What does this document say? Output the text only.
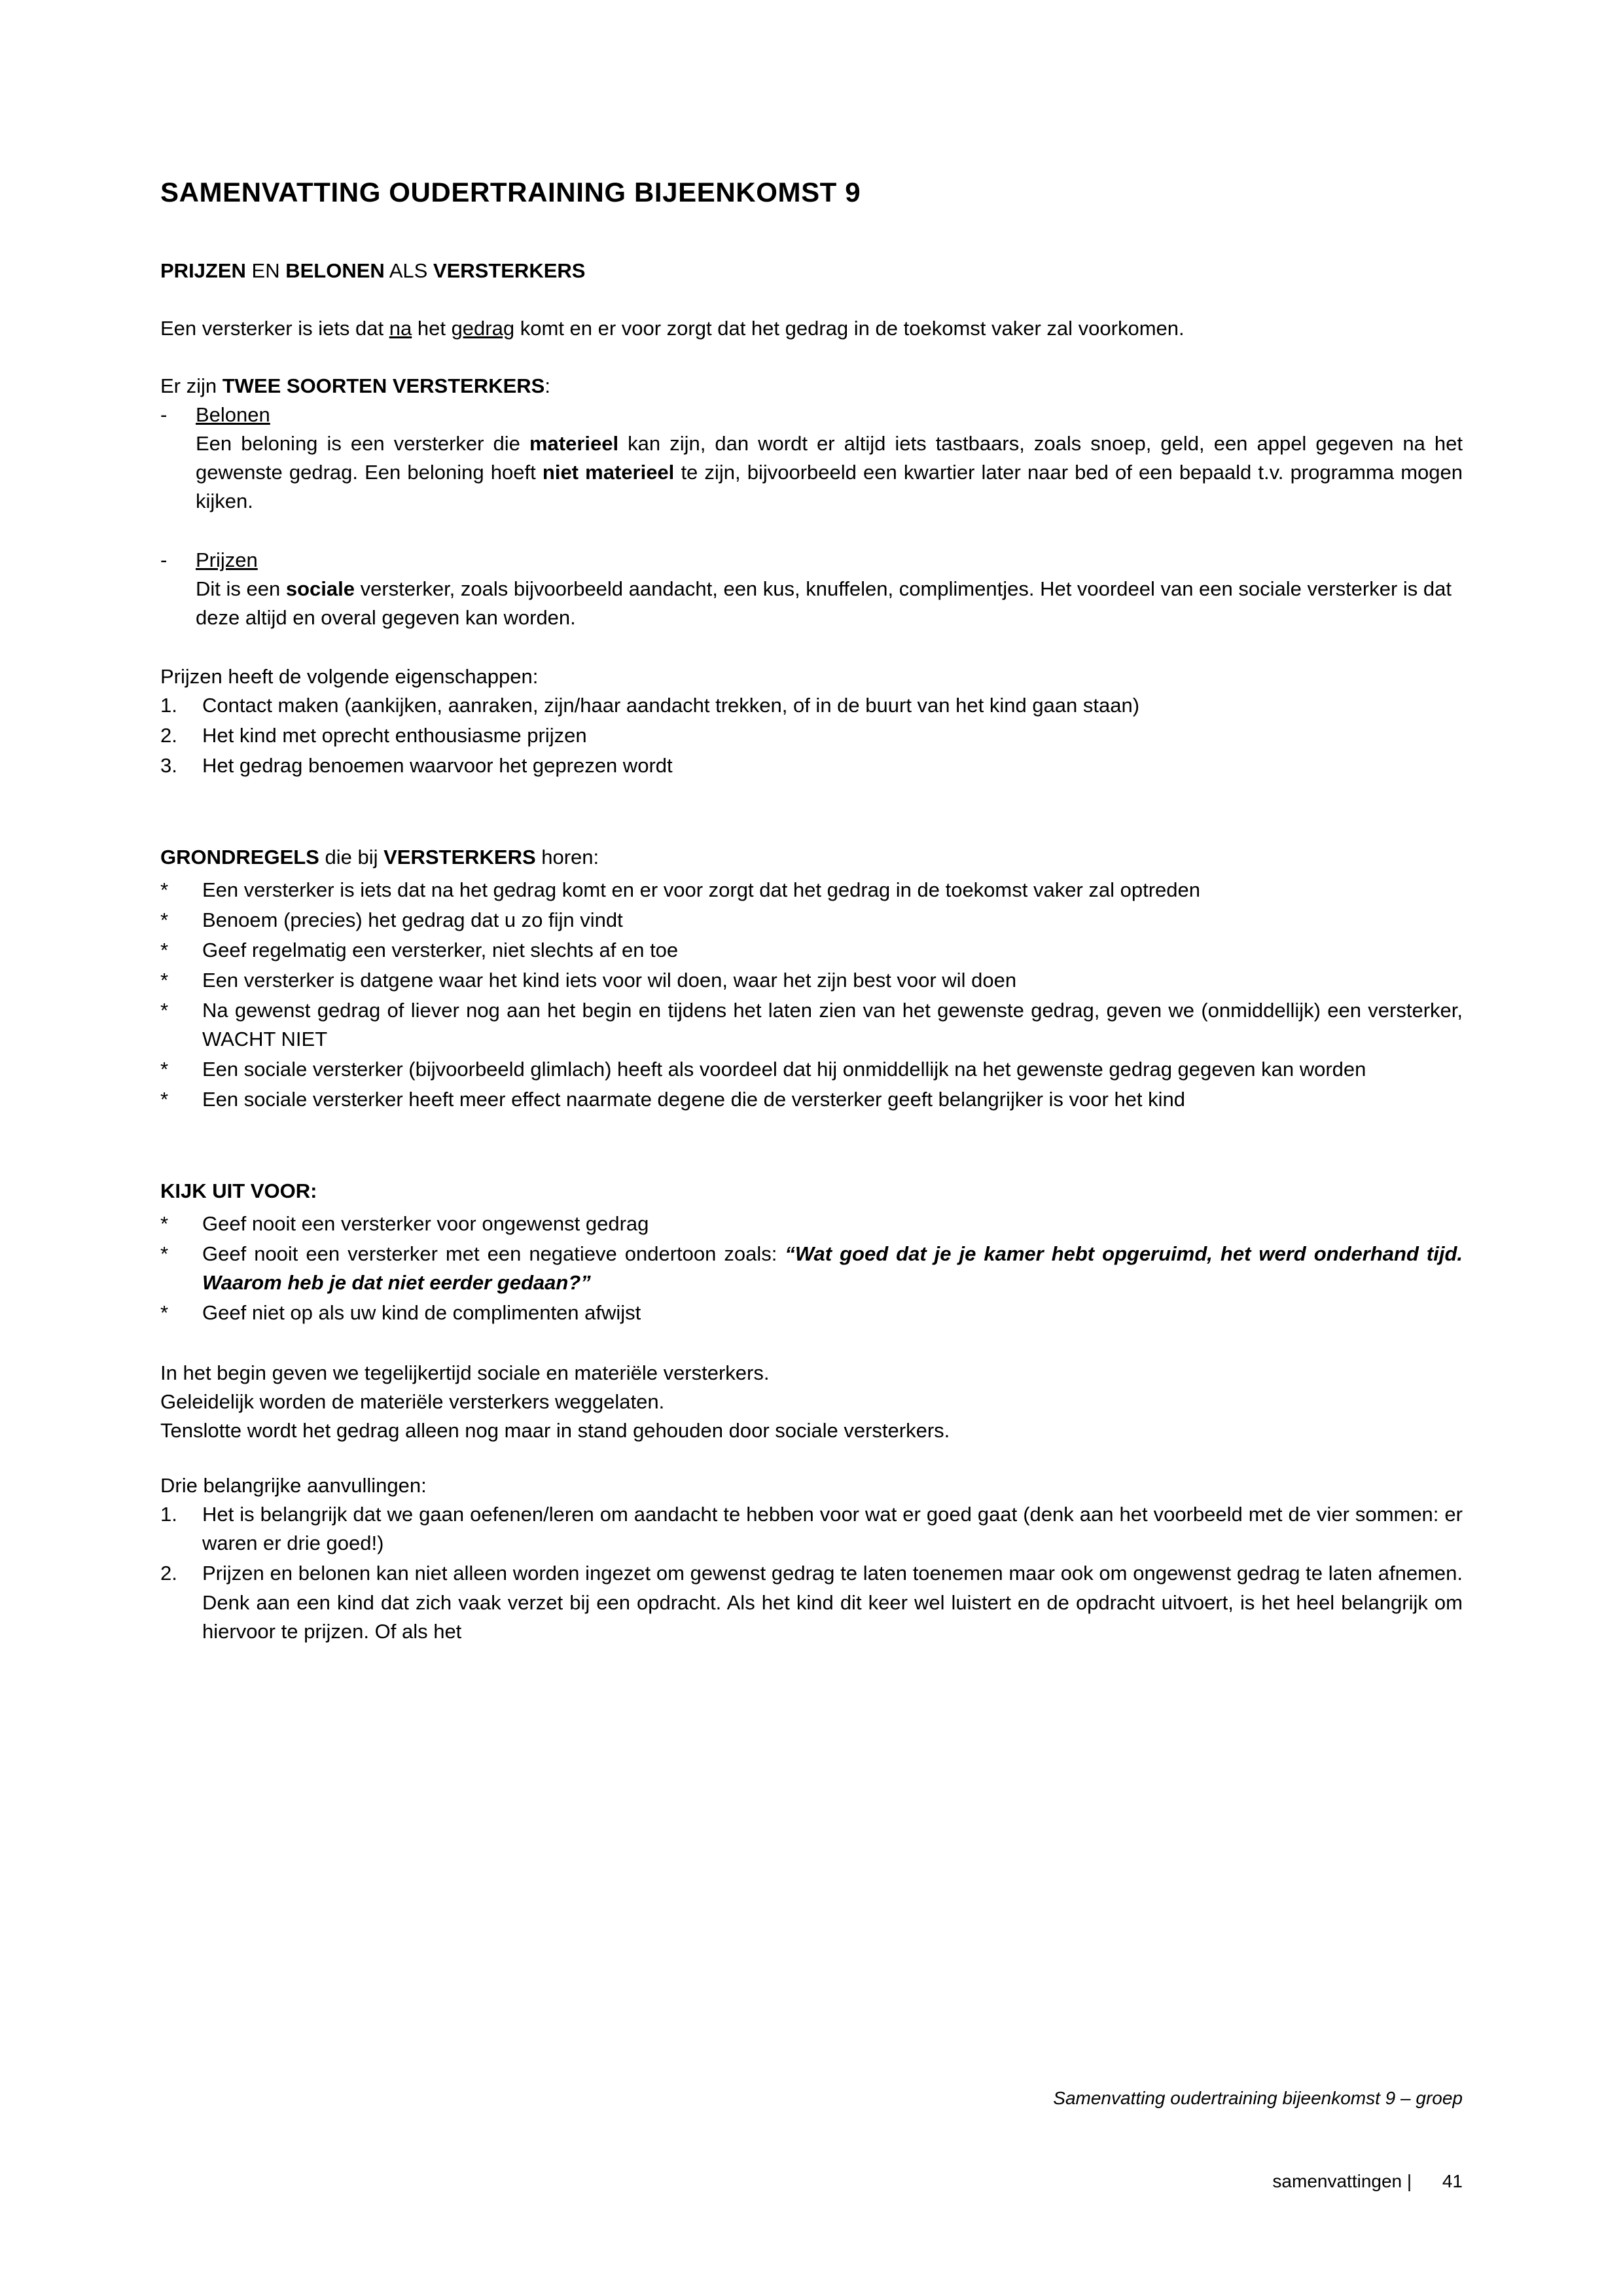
SAMENVATTING OUDERTRAINING BIJEENKOMST 9
PRIJZEN EN BELONEN ALS VERSTERKERS

Een versterker is iets dat na het gedrag komt en er voor zorgt dat het gedrag in de toekomst vaker zal voorkomen.

Er zijn TWEE SOORTEN VERSTERKERS:

-	Belonen
Een beloning is een versterker die materieel kan zijn, dan wordt er altijd iets tastbaars, zoals snoep, geld, een appel gegeven na het gewenste gedrag. Een beloning hoeft niet materieel te zijn, bijvoorbeeld een kwartier later naar bed of een bepaald t.v. programma mogen kijken.
-	Prijzen
Dit is een sociale versterker, zoals bijvoorbeeld aandacht, een kus, knuffelen, complimentjes. Het voordeel van een sociale versterker is dat deze altijd en overal gegeven kan worden.

Prijzen heeft de volgende eigenschappen:

1.	Contact maken (aankijken, aanraken, zijn/haar aandacht trekken, of in de buurt van het kind gaan staan)
2.	Het kind met oprecht enthousiasme prijzen
3.	Het gedrag benoemen waarvoor het geprezen wordt
GRONDREGELS die bij VERSTERKERS horen:
*	Een versterker is iets dat na het gedrag komt en er voor zorgt dat het gedrag in de toekomst vaker zal optreden
*	Benoem (precies) het gedrag dat u zo fijn vindt
*	Geef regelmatig een versterker, niet slechts af en toe
*	Een versterker is datgene waar het kind iets voor wil doen, waar het zijn best voor wil doen
*	Na gewenst gedrag of liever nog aan het begin en tijdens het laten zien van het gewenste gedrag, geven we (onmiddellijk) een versterker, WACHT NIET
*	Een sociale versterker (bijvoorbeeld glimlach) heeft als voordeel dat hij onmiddellijk na het gewenste gedrag gegeven kan worden
*	Een sociale versterker heeft meer effect naarmate degene die de versterker geeft belangrijker is voor het kind
KIJK UIT VOOR:
*	Geef nooit een versterker voor ongewenst gedrag
*	Geef nooit een versterker met een negatieve ondertoon zoals: “Wat goed dat je je kamer hebt opgeruimd, het werd onderhand tijd. Waarom heb je dat niet eerder gedaan?”
*	Geef niet op als uw kind de complimenten afwijst

In het begin geven we tegelijkertijd sociale en materiële versterkers.
Geleidelijk worden de materiële versterkers weggelaten.
Tenslotte wordt het gedrag alleen nog maar in stand gehouden door sociale versterkers.

Drie belangrijke aanvullingen:

1.	Het is belangrijk dat we gaan oefenen/leren om aandacht te hebben voor wat er goed gaat (denk aan het voorbeeld met de vier sommen: er waren er drie goed!)
2.	Prijzen en belonen kan niet alleen worden ingezet om gewenst gedrag te laten toenemen maar ook om ongewenst gedrag te laten afnemen. Denk aan een kind dat zich vaak verzet bij een opdracht. Als het kind dit keer wel luistert en de opdracht uitvoert, is het heel belangrijk om hiervoor te prijzen. Of als het
Samenvatting oudertraining bijeenkomst 9 – groep

samenvattingen | 41
